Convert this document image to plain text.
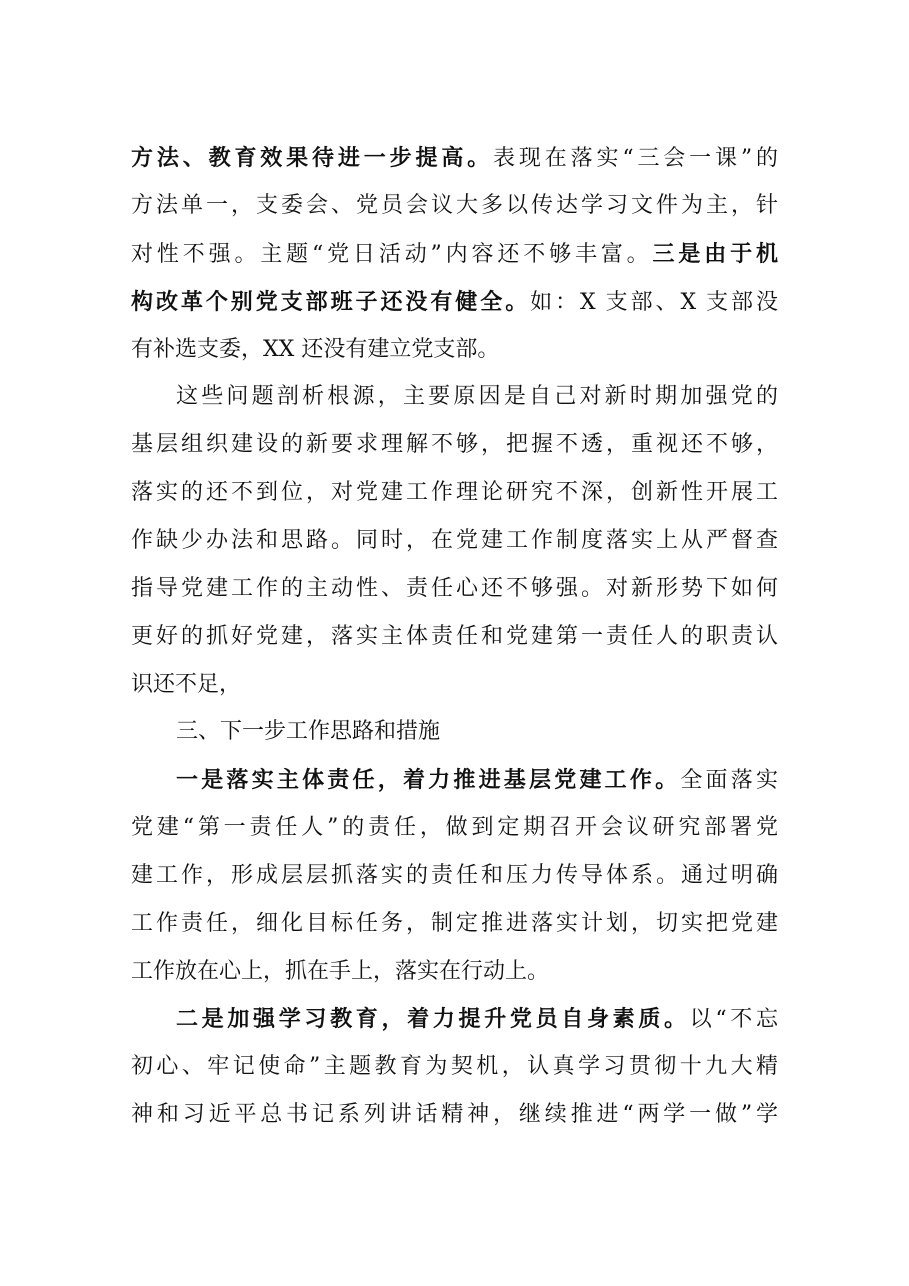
方法、教育效果待进一步提高。表现在落实“三会一课”的
方法单一，支委会、党员会议大多以传达学习文件为主，针
对性不强。主题“党日活动”内容还不够丰富。三是由于机
构改革个别党支部班子还没有健全。如：X 支部、X 支部没
有补选支委，XX 还没有建立党支部。
这些问题剖析根源，主要原因是自己对新时期加强党的
基层组织建设的新要求理解不够，把握不透，重视还不够，
落实的还不到位，对党建工作理论研究不深，创新性开展工
作缺少办法和思路。同时，在党建工作制度落实上从严督查
指导党建工作的主动性、责任心还不够强。对新形势下如何
更好的抓好党建，落实主体责任和党建第一责任人的职责认
识还不足，
三、下一步工作思路和措施
一是落实主体责任，着力推进基层党建工作。全面落实
党建“第一责任人”的责任，做到定期召开会议研究部署党
建工作，形成层层抓落实的责任和压力传导体系。通过明确
工作责任，细化目标任务，制定推进落实计划，切实把党建
工作放在心上，抓在手上，落实在行动上。
二是加强学习教育，着力提升党员自身素质。以“不忘
初心、牢记使命”主题教育为契机，认真学习贯彻十九大精
神和习近平总书记系列讲话精神，继续推进“两学一做”学
